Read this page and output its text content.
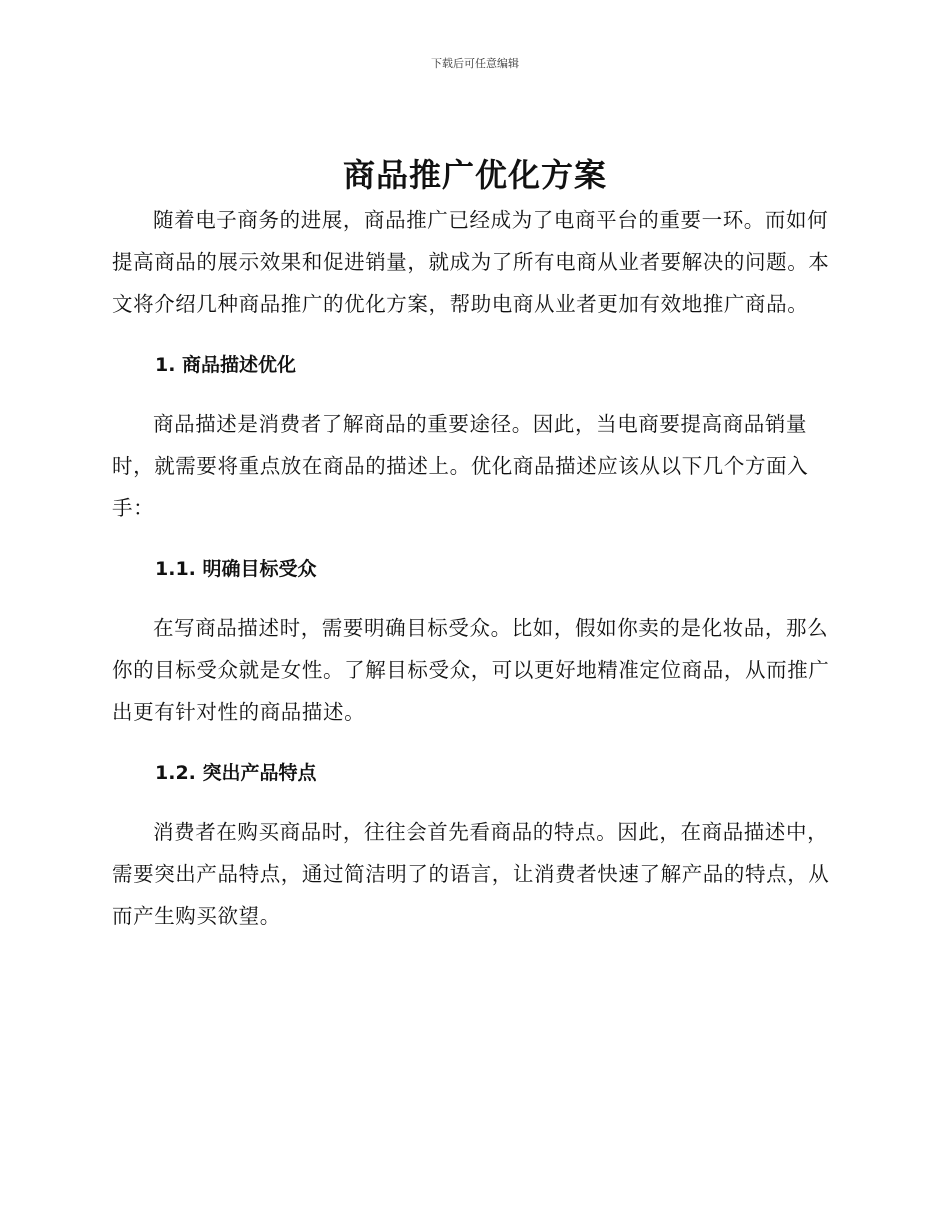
下载后可任意编辑
商品推广优化方案

随着电子商务的进展，商品推广已经成为了电商平台的重要一环。而如何提高商品的展示效果和促进销量，就成为了所有电商从业者要解决的问题。本文将介绍几种商品推广的优化方案，帮助电商从业者更加有效地推广商品。

1. 商品描述优化

商品描述是消费者了解商品的重要途径。因此，当电商要提高商品销量时，就需要将重点放在商品的描述上。优化商品描述应该从以下几个方面入手：

1.1. 明确目标受众

在写商品描述时，需要明确目标受众。比如，假如你卖的是化妆品，那么你的目标受众就是女性。了解目标受众，可以更好地精准定位商品，从而推广出更有针对性的商品描述。

1.2. 突出产品特点

消费者在购买商品时，往往会首先看商品的特点。因此，在商品描述中，需要突出产品特点，通过简洁明了的语言，让消费者快速了解产品的特点，从而产生购买欲望。
